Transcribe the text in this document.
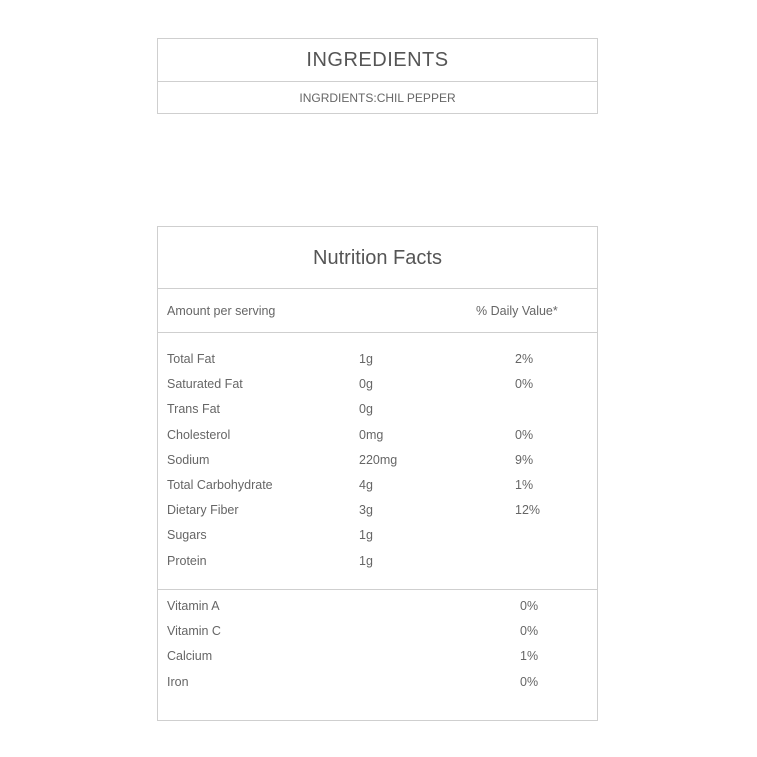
INGREDIENTS
INGRDIENTS:CHIL PEPPER
Nutrition Facts
Amount per serving	% Daily Value*
Total Fat	1g	2%
Saturated Fat	0g	0%
Trans Fat	0g
Cholesterol	0mg	0%
Sodium	220mg	9%
Total Carbohydrate	4g	1%
Dietary Fiber	3g	12%
Sugars	1g
Protein	1g
Vitamin A	0%
Vitamin C	0%
Calcium	1%
Iron	0%
